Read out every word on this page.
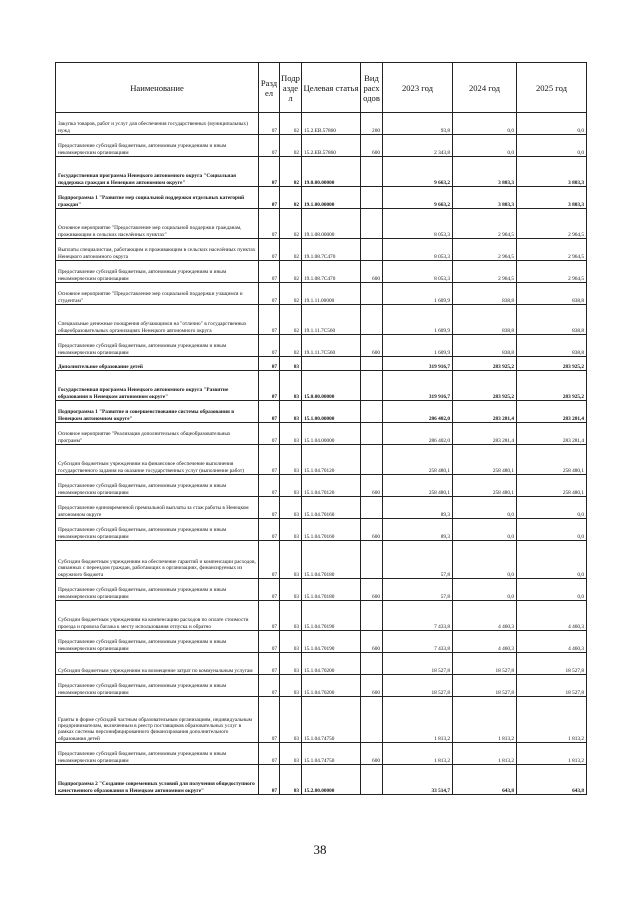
Наименование	Разд ел	Подр азде л	Целевая статья	Вид расх одов	2023 год	2024 год	2025 год
Закупка товаров, работ и услуг для обеспечения государственных (муниципальных) нужд	07	02	15.2.ЕВ.57860	200	93,8	0,0	0,0
Предоставление субсидий бюджетным, автономным учреждениям и иным некоммерческим организациям	07	02	15.2.ЕВ.57860	600	2 343,8	0,0	0,0
Государственная программа Ненецкого автономного округа "Социальная поддержка граждан в Ненецком автономном округе"	07	02	19.0.00.00000		9 663,2	3 803,3	3 803,3
Подпрограмма 1 "Развитие мер социальной поддержки отдельных категорий граждан"	07	02	19.1.00.00000		9 663,2	3 803,3	3 803,3
Основное мероприятие "Предоставление мер социальной поддержки гражданам, проживающим в сельских населённых пунктах"	07	02	19.1.08.00000		8 053,3	2 964,5	2 964,5
Выплаты специалистам, работающим и проживающим в сельских населённых пунктах Ненецкого автономного округа	07	02	19.1.08.7С470		8 053,3	2 964,5	2 964,5
Предоставление субсидий бюджетным, автономным учреждениям и иным некоммерческим организациям	07	02	19.1.08.7С470	600	8 053,3	2 964,5	2 964,5
Основное мероприятие "Предоставление мер социальной поддержки учащимся и студентам"	07	02	19.1.11.00000		1 609,9	838,8	838,8
Специальные денежные поощрения обучающимся на "отлично" в государственных общеобразовательных организациях Ненецкого автономного округа	07	02	19.1.11.7С560		1 609,9	838,8	838,8
Предоставление субсидий бюджетным, автономным учреждениям и иным некоммерческим организациям	07	02	19.1.11.7С560	600	1 609,9	838,8	838,8
Дополнительное образование детей	07	03			319 916,7	283 925,2	283 925,2
Государственная программа Ненецкого автономного округа "Развитие образования в Ненецком автономном округе"	07	03	15.0.00.00000		319 916,7	283 925,2	283 925,2
Подпрограмма 1 "Развитие и совершенствование системы образования в Ненецком автономном округе"	07	03	15.1.00.00000		286 402,0	283 281,4	283 281,4
Основное мероприятие "Реализация дополнительных общеобразовательных программ"	07	03	15.1.04.00000		286 402,0	283 281,4	283 281,4
Субсидии бюджетным учреждениям на финансовое обеспечение выполнения государственного задания на оказание государственных услуг (выполнение работ)	07	03	15.1.04.70120		258 480,1	258 480,1	258 480,1
Предоставление субсидий бюджетным, автономным учреждениям и иным некоммерческим организациям	07	03	15.1.04.70120	600	258 480,1	258 480,1	258 480,1
Предоставление единовременной премиальной выплаты за стаж работы в Ненецком автономном округе	07	03	15.1.04.70160		89,3	0,0	0,0
Предоставление субсидий бюджетным, автономным учреждениям и иным некоммерческим организациям	07	03	15.1.04.70160	600	89,3	0,0	0,0
Субсидии бюджетным учреждениям на обеспечение гарантий и компенсации расходов, связанных с переездом граждан, работающих в организациях, финансируемых из окружного бюджета	07	03	15.1.04.70180		57,8	0,0	0,0
Предоставление субсидий бюджетным, автономным учреждениям и иным некоммерческим организациям	07	03	15.1.04.70180	600	57,8	0,0	0,0
Субсидии бюджетным учреждениям на компенсацию расходов по оплате стоимости проезда и провоза багажа к месту использования отпуска и обратно	07	03	15.1.04.70190		7 433,8	4 460,3	4 460,3
Предоставление субсидий бюджетным, автономным учреждениям и иным некоммерческим организациям	07	03	15.1.04.70190	600	7 433,8	4 460,3	4 460,3
Субсидии бюджетным учреждениям на возмещение затрат по коммунальным услугам	07	03	15.1.04.70200		18 527,8	18 527,8	18 527,8
Предоставление субсидий бюджетным, автономным учреждениям и иным некоммерческим организациям	07	03	15.1.04.70200	600	18 527,8	18 527,8	18 527,8
Гранты в форме субсидий частным образовательным организациям, индивидуальным предпринимателям, включенным в реестр поставщиков образовательных услуг в рамках системы персонифицированного финансирования дополнительного образования детей	07	03	15.1.04.74750		1 813,2	1 813,2	1 813,2
Предоставление субсидий бюджетным, автономным учреждениям и иным некоммерческим организациям	07	03	15.1.04.74750	600	1 813,2	1 813,2	1 813,2
Подпрограмма 2 "Создание современных условий для получения общедоступного качественного образования в Ненецком автономном округе"	07	03	15.2.00.00000		33 514,7	643,8	643,8
38
